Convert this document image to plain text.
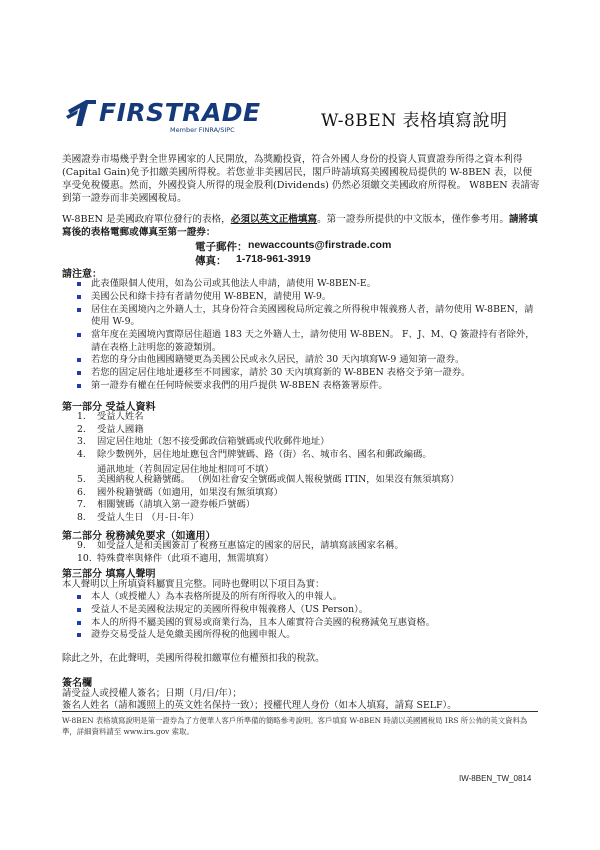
FIRSTRADE
Member FINRA/SIPC	W-8BEN 表格填寫說明
美國證券市場幾乎對全世界國家的人民開放，為獎勵投資，符合外國人身份的投資人買賣證券所得之資本利得(Capital Gain)免予扣繳美國所得稅。若您並非美國居民，閣戶時請填寫美國國稅局提供的 W-8BEN 表，以便享受免稅優惠。然而，外國投資人所得的現金股利(Dividends) 仍然必須繳交美國政府所得稅。 W8BEN 表請寄到第一證券而非美國國稅局。
W-8BEN 是美國政府單位發行的表格，必須以英文正楷填寫。第一證券所提供的中文版本，僅作參考用。請將填寫後的表格電郵或傳真至第一證券：
電子郵件： newaccounts@firstrade.com
傳真： 1-718-961-3919
請注意：
此表僅限個人使用，如為公司或其他法人申請，請使用 W-8BEN-E。
美國公民和綠卡持有者請勿使用 W-8BEN，請使用 W-9。
居住在美國境內之外籍人士，其身份符合美國國稅局所定義之所得稅申報義務人者，請勿使用 W-8BEN，請使用 W-9。
當年度在美國境內實際居住超過 183 天之外籍人士，請勿使用 W-8BEN。 F、J、M、Q 簽證持有者除外，請在表格上註明您的簽證類別。
若您的身分由他國國籍變更為美國公民或永久居民，請於 30 天內填寫W-9 通知第一證券。
若您的固定居住地址遷移至不同國家，請於 30 天內填寫新的 W-8BEN 表格交予第一證券。
第一證券有權在任何時候要求我們的用戶提供 W-8BEN 表格簽署原件。
第一部分 受益人資料
1. 受益人姓名
2. 受益人國籍
3. 固定居住地址（恕不接受郵政信箱號碼或代收郵件地址）
4. 除少數例外，居住地址應包含門牌號碼、路（街）名、城市名、國名和郵政編碼。
通訊地址（若與固定居住地址相同可不填）
5. 美國納稅人稅籍號碼。 （例如社會安全號碼或個人報稅號碼 ITIN，如果沒有無須填寫）
6. 國外稅籍號碼（如適用，如果沒有無須填寫）
7. 相關號碼（請填入第一證券帳戶號碼）
8. 受益人生日 （月-日-年）
第二部分 稅務減免要求（如適用）
9. 如受益人是和美國簽訂了稅務互惠協定的國家的居民，請填寫該國家名稱。
10. 特殊費率與條件（此項不適用，無需填寫）
第三部分 填寫人聲明
本人聲明以上所填資料屬實且完整。同時也聲明以下項目為實：
本人（或授權人）為本表格所提及的所有所得收入的申報人。
受益人不是美國稅法規定的美國所得稅申報義務人（US Person）。
本人的所得不屬美國的貿易或商業行為，且本人確實符合美國的稅務減免互惠資格。
證券交易受益人是免繳美國所得稅的他國申報人。
除此之外，在此聲明，美國所得稅扣繳單位有權預扣我的稅款。
簽名欄
請受益人或授權人簽名；日期（月/日/年）；
簽名人姓名（請和護照上的英文姓名保持一致）；授權代理人身份（如本人填寫，請寫 SELF）。
W-8BEN 表格填寫說明是第一證券為了方便華人客戶所準備的簡略參考說明。客戶填寫 W-8BEN 時請以美國國稅局 IRS 所公佈的英文資料為準，詳細資料請至 www.irs.gov 索取。
IW-8BEN_TW_0814
